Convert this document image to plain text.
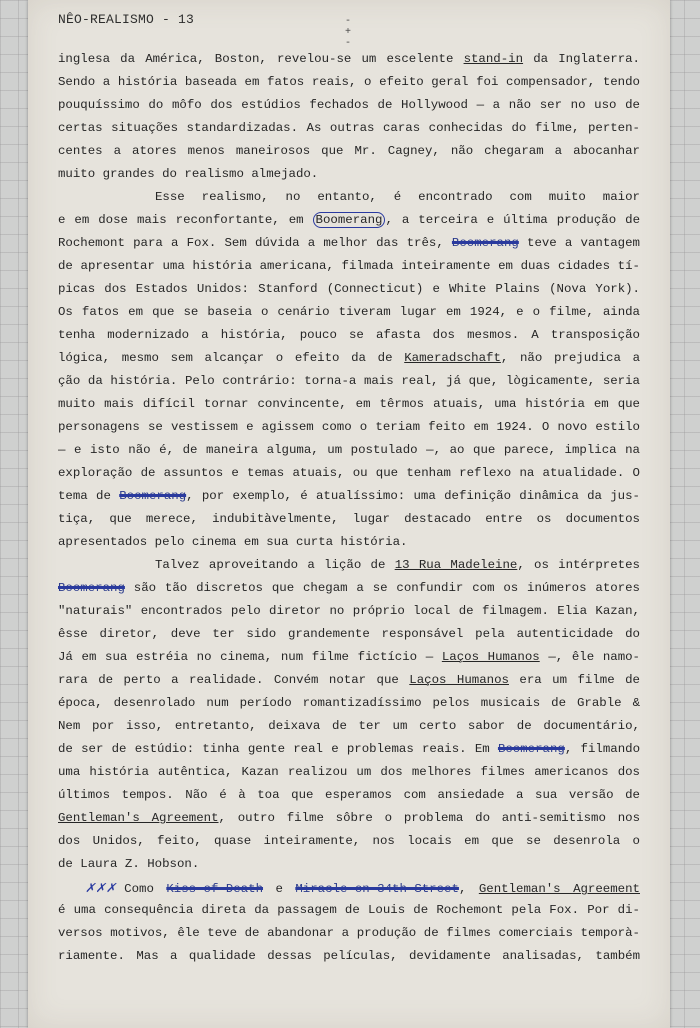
NÊO-REALISMO - 13	-+ -
inglesa da América, Boston, revelou-se um escelente stand-in da Inglaterra.
Sendo a história baseada em fatos reais, o efeito geral foi compensador, tendo
pouquíssimo do môfo dos estúdios fechados de Hollywood — a não ser no uso de
certas situações standardizadas. As outras caras conhecidas do filme, perten-
centes a atores menos maneirosos que Mr. Cagney, não chegaram a abocanhar
muito grandes do realismo almejado.
Esse realismo, no entanto, é encontrado com muito maior
e em dose mais reconfortante, em
Boomerang , a terceira e última produção de
Rochemont para a Fox. Sem dúvida a melhor das três,
Boomerang teve a vantagem
de apresentar uma história americana, filmada inteiramente em duas cidades tí-
picas dos Estados Unidos: Stanford (Connecticut) e White Plains (Nova York).
Os fatos em que se baseia o cenário tiveram lugar em 1924, e o filme, ainda
tenha modernizado a história, pouco se afasta dos mesmos. A transposição
lógica, mesmo sem alcançar o efeito da de Kameradschaft, não prejudica a
ção da história. Pelo contrário: torna-a mais real, já que, lògicamente, seria
muito mais difícil tornar convincente, em têrmos atuais, uma história em que
personagens se vestissem e agissem como o teriam feito em 1924. O novo estilo
— e isto não é, de maneira alguma, um postulado —, ao que parece, implica na
exploração de assuntos e temas atuais, ou que tenham reflexo na atualidade. O
tema de
Boomerang, por exemplo, é atualíssimo: uma definição dinâmica da jus-
tiça, que merece, indubitàvelmente, lugar destacado entre os documentos
apresentados pelo cinema em sua curta história.
Talvez aproveitando a lição de 13 Rua Madeleine, os intérpretes
Boomerang são tão discretos que chegam a se confundir com os inúmeros atores
"naturais" encontrados pelo diretor no próprio local de filmagem. Elia Kazan,
êsse diretor, deve ter sido grandemente responsável pela autenticidade do
Já em sua estréia no cinema, num filme fictício — Laços Humanos —, êle namo-
rara de perto a realidade. Convém notar que Laços Humanos era um filme de
época, desenrolado num período romantizadíssimo pelos musicais de Grable &
Nem por isso, entretanto, deixava de ter um certo sabor de documentário,
de ser de estúdio: tinha gente real e problemas reais. Em
Boomerang, filmando
uma história autêntica, Kazan realizou um dos melhores filmes americanos dos
últimos tempos. Não é à toa que esperamos com ansiedade a sua versão de
Gentleman's Agreement, outro filme sôbre o problema do anti-semitismo nos
dos Unidos, feito, quase inteiramente, nos locais em que se desenrola o
de Laura Z. Hobson.
✗✗✗ Como
Kiss of Death e
Miracle on 34th Street, Gentleman's Agreement
é uma consequência direta da passagem de Louis de Rochemont pela Fox. Por di-
versos motivos, êle teve de abandonar a produção de filmes comerciais temporà-
riamente. Mas a qualidade dessas películas, devidamente analisadas, também
